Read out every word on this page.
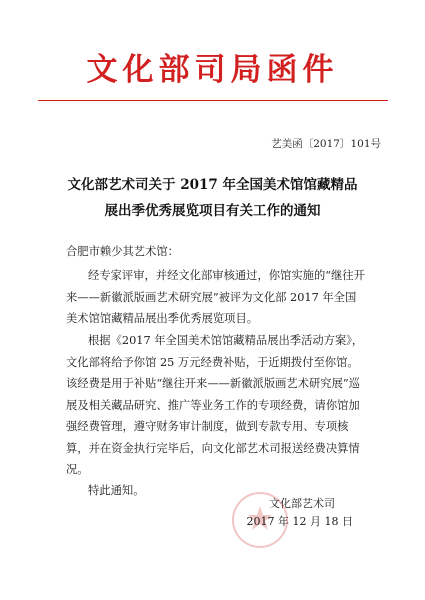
文化部司局函件
艺美函〔2017〕101号
文化部艺术司关于 2017 年全国美术馆馆藏精品
展出季优秀展览项目有关工作的通知
合肥市赖少其艺术馆：
经专家评审，并经文化部审核通过，你馆实施的“继往开来——新徽派版画艺术研究展”被评为文化部 2017 年全国美术馆馆藏精品展出季优秀展览项目。
根据《2017 年全国美术馆馆藏精品展出季活动方案》，文化部将给予你馆 25 万元经费补贴，于近期拨付至你馆。该经费是用于补贴“继往开来——新徽派版画艺术研究展”巡展及相关藏品研究、推广等业务工作的专项经费，请你馆加强经费管理，遵守财务审计制度，做到专款专用、专项核算，并在资金执行完毕后，向文化部艺术司报送经费决算情况。
特此通知。
文化部艺术司
2017 年 12 月 18 日
